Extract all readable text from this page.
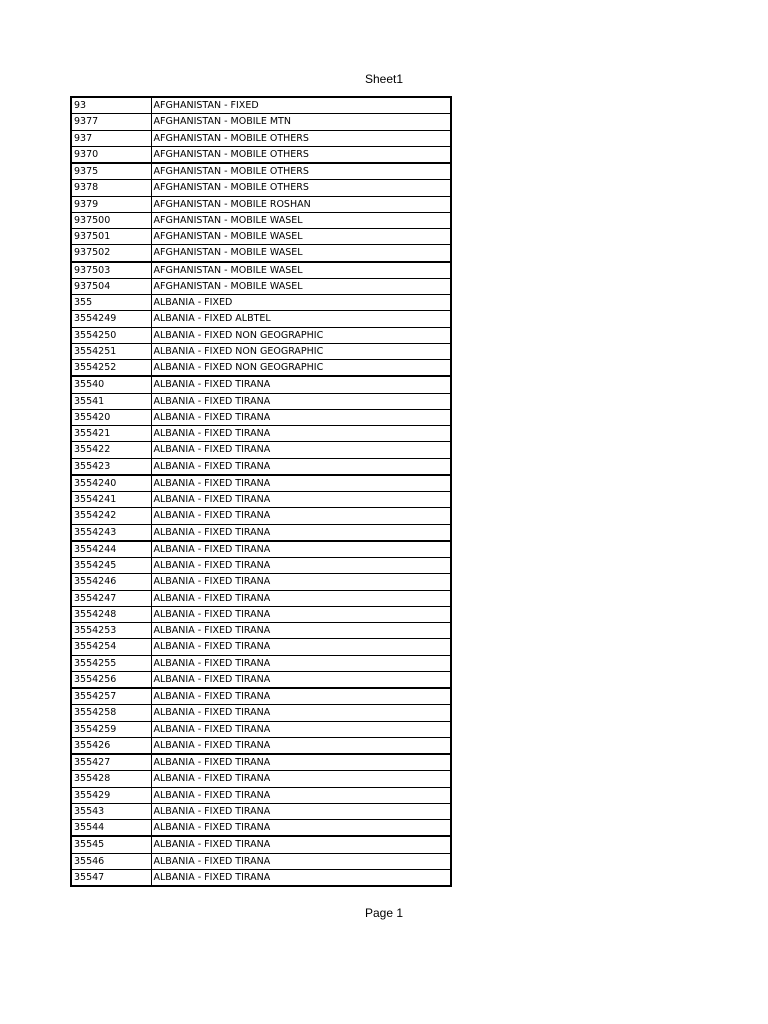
Sheet1
93	AFGHANISTAN - FIXED
9377	AFGHANISTAN - MOBILE MTN
937	AFGHANISTAN - MOBILE OTHERS
9370	AFGHANISTAN - MOBILE OTHERS
9375	AFGHANISTAN - MOBILE OTHERS
9378	AFGHANISTAN - MOBILE OTHERS
9379	AFGHANISTAN - MOBILE ROSHAN
937500	AFGHANISTAN - MOBILE WASEL
937501	AFGHANISTAN - MOBILE WASEL
937502	AFGHANISTAN - MOBILE WASEL
937503	AFGHANISTAN - MOBILE WASEL
937504	AFGHANISTAN - MOBILE WASEL
355	ALBANIA - FIXED
3554249	ALBANIA - FIXED ALBTEL
3554250	ALBANIA - FIXED NON GEOGRAPHIC
3554251	ALBANIA - FIXED NON GEOGRAPHIC
3554252	ALBANIA - FIXED NON GEOGRAPHIC
35540	ALBANIA - FIXED TIRANA
35541	ALBANIA - FIXED TIRANA
355420	ALBANIA - FIXED TIRANA
355421	ALBANIA - FIXED TIRANA
355422	ALBANIA - FIXED TIRANA
355423	ALBANIA - FIXED TIRANA
3554240	ALBANIA - FIXED TIRANA
3554241	ALBANIA - FIXED TIRANA
3554242	ALBANIA - FIXED TIRANA
3554243	ALBANIA - FIXED TIRANA
3554244	ALBANIA - FIXED TIRANA
3554245	ALBANIA - FIXED TIRANA
3554246	ALBANIA - FIXED TIRANA
3554247	ALBANIA - FIXED TIRANA
3554248	ALBANIA - FIXED TIRANA
3554253	ALBANIA - FIXED TIRANA
3554254	ALBANIA - FIXED TIRANA
3554255	ALBANIA - FIXED TIRANA
3554256	ALBANIA - FIXED TIRANA
3554257	ALBANIA - FIXED TIRANA
3554258	ALBANIA - FIXED TIRANA
3554259	ALBANIA - FIXED TIRANA
355426	ALBANIA - FIXED TIRANA
355427	ALBANIA - FIXED TIRANA
355428	ALBANIA - FIXED TIRANA
355429	ALBANIA - FIXED TIRANA
35543	ALBANIA - FIXED TIRANA
35544	ALBANIA - FIXED TIRANA
35545	ALBANIA - FIXED TIRANA
35546	ALBANIA - FIXED TIRANA
35547	ALBANIA - FIXED TIRANA
Page 1
